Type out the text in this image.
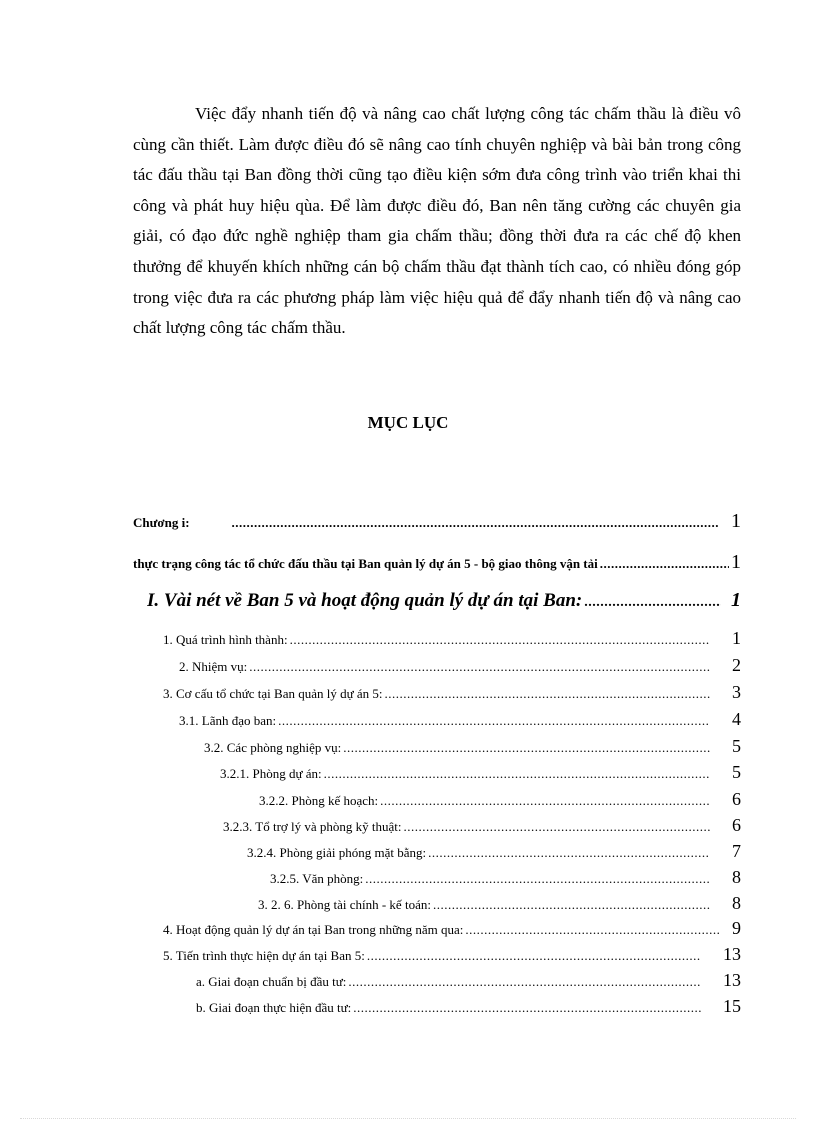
Việc đẩy nhanh tiến độ và nâng cao chất lượng công tác chấm thầu là điều vô cùng cần thiết. Làm được điều đó sẽ nâng cao tính chuyên nghiệp và bài bản trong công tác đấu thầu tại Ban đồng thời cũng tạo điều kiện sớm đưa công trình vào triển khai thi công và phát huy hiệu qùa. Để làm được điều đó, Ban nên tăng cường các chuyên gia giải, có đạo đức nghề nghiệp tham gia chấm thầu; đồng thời đưa ra các chế độ khen thưởng để khuyến khích những cán bộ chấm thầu đạt thành tích cao, có nhiều đóng góp trong việc đưa ra các phương pháp làm việc hiệu quả để đẩy nhanh tiến độ và nâng cao chất lượng công tác chấm thầu.

MỤC LỤC
Chương i: .....	1
thực trạng công tác tổ chức đấu thầu tại Ban quản lý dự án 5 - bộ giao thông vận tải .....	1
I. Vài nét về Ban 5 và hoạt động quản lý dự án tại Ban: .....	1
1. Quá trình hình thành: .....	1
2. Nhiệm vụ: .....	2
3. Cơ cấu tổ chức tại Ban quản lý dự án 5: .....	3
3.1. Lãnh đạo ban: .....	4
3.2. Các phòng nghiệp vụ: .....	5
3.2.1. Phòng dự án: .....	5
3.2.2. Phòng kế hoạch: .....	6
3.2.3. Tổ trợ lý và phòng kỹ thuật: .....	6
3.2.4. Phòng giải phóng mặt bằng: .....	7
3.2.5. Văn phòng: .....	8
3. 2. 6. Phòng tài chính - kế toán: .....	8
4. Hoạt động quản lý dự án tại Ban trong những năm qua: .....	9
5. Tiến trình thực hiện dự án tại Ban 5: .....	13
a. Giai đoạn chuẩn bị đầu tư: .....	13
b. Giai đoạn thực hiện đầu tư: .....	15
